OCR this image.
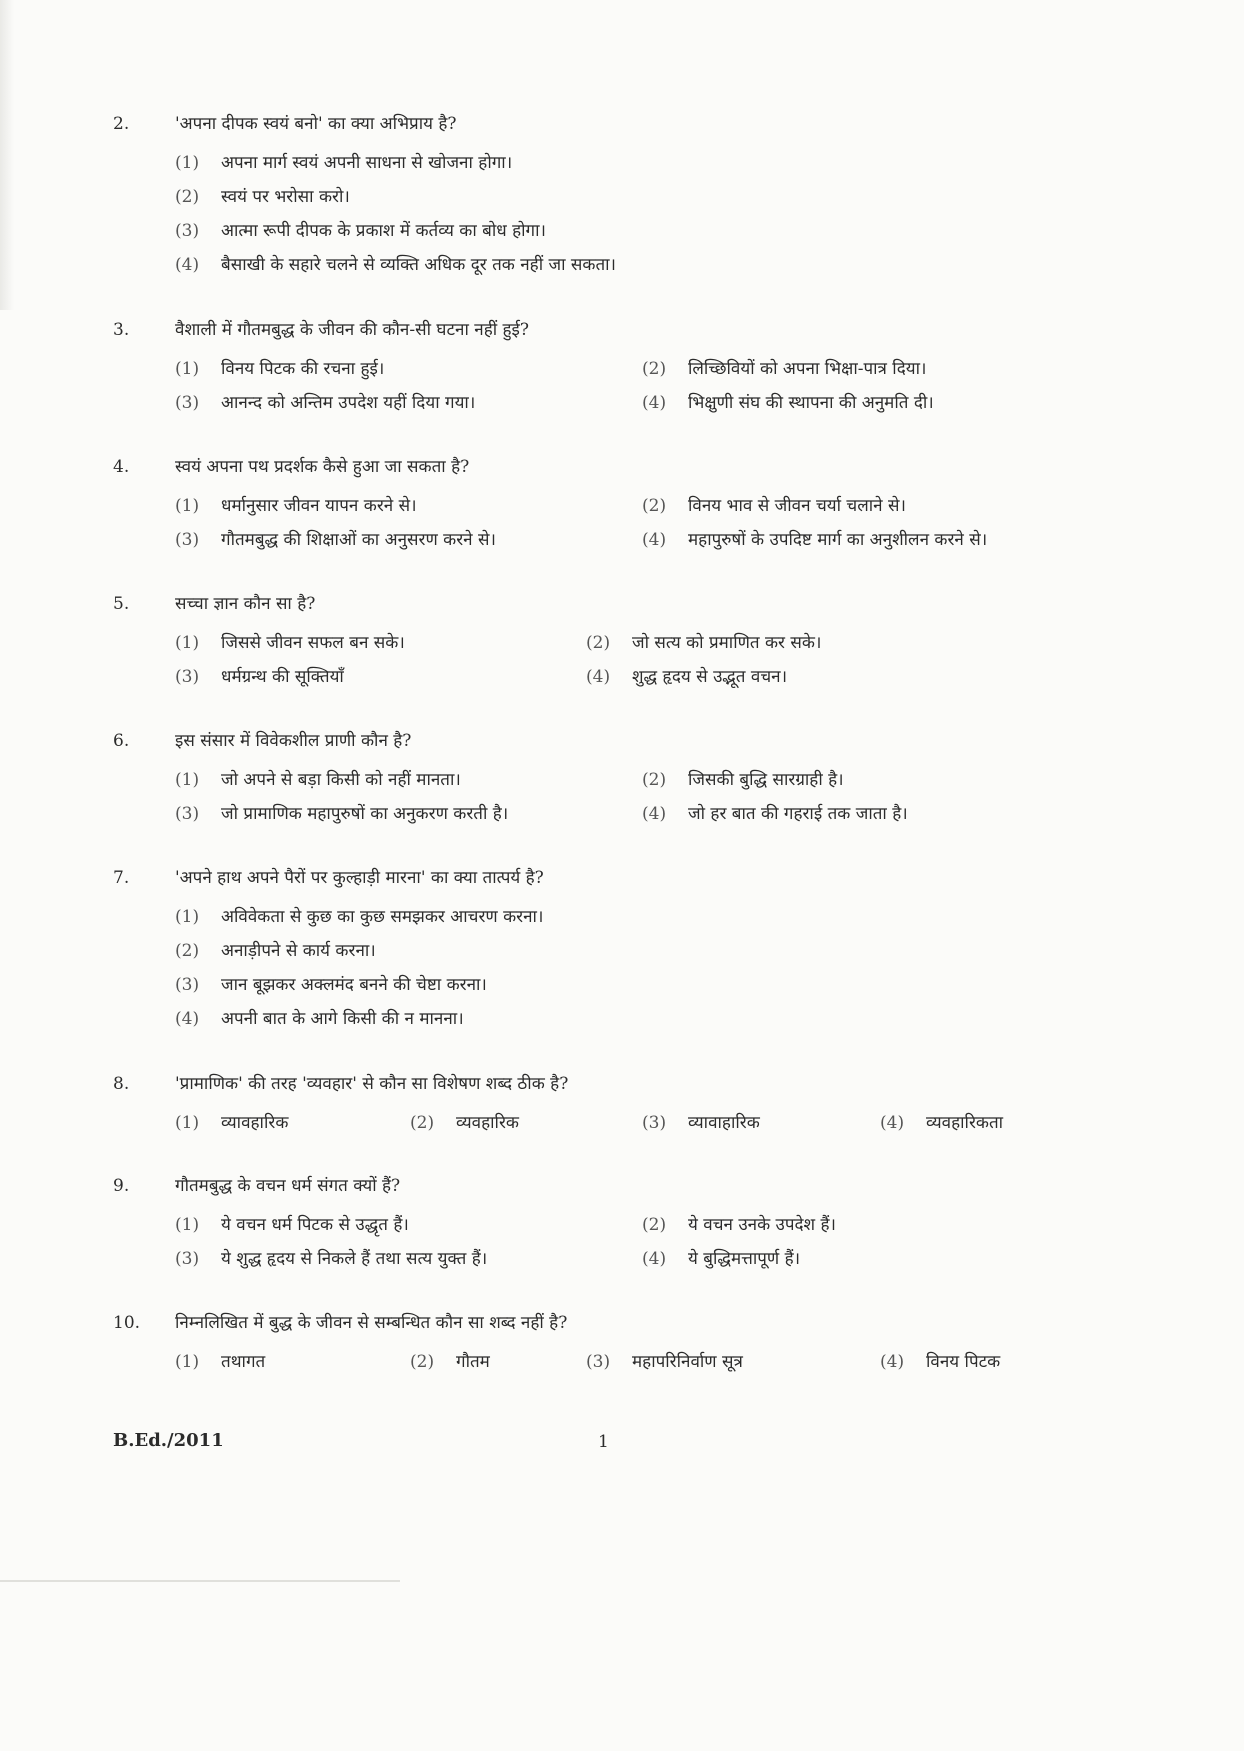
2.	'अपना दीपक स्वयं बनो' का क्या अभिप्राय है?
(1) अपना मार्ग स्वयं अपनी साधना से खोजना होगा।
(2) स्वयं पर भरोसा करो।
(3) आत्मा रूपी दीपक के प्रकाश में कर्तव्य का बोध होगा।
(4) बैसाखी के सहारे चलने से व्यक्ति अधिक दूर तक नहीं जा सकता।
3.	वैशाली में गौतमबुद्ध के जीवन की कौन-सी घटना नहीं हुई?
(1) विनय पिटक की रचना हुई।	(2) लिच्छिवियों को अपना भिक्षा-पात्र दिया।
(3) आनन्द को अन्तिम उपदेश यहीं दिया गया।	(4) भिक्षुणी संघ की स्थापना की अनुमति दी।
4.	स्वयं अपना पथ प्रदर्शक कैसे हुआ जा सकता है?
(1) धर्मानुसार जीवन यापन करने से।	(2) विनय भाव से जीवन चर्या चलाने से।
(3) गौतमबुद्ध की शिक्षाओं का अनुसरण करने से।	(4) महापुरुषों के उपदिष्ट मार्ग का अनुशीलन करने से।
5.	सच्चा ज्ञान कौन सा है?
(1) जिससे जीवन सफल बन सके।	(2) जो सत्य को प्रमाणित कर सके।
(3) धर्मग्रन्थ की सूक्तियाँ	(4) शुद्ध हृदय से उद्भूत वचन।
6.	इस संसार में विवेकशील प्राणी कौन है?
(1) जो अपने से बड़ा किसी को नहीं मानता।	(2) जिसकी बुद्धि सारग्राही है।
(3) जो प्रामाणिक महापुरुषों का अनुकरण करती है।	(4) जो हर बात की गहराई तक जाता है।
7.	'अपने हाथ अपने पैरों पर कुल्हाड़ी मारना' का क्या तात्पर्य है?
(1) अविवेकता से कुछ का कुछ समझकर आचरण करना।
(2) अनाड़ीपने से कार्य करना।
(3) जान बूझकर अक्लमंद बनने की चेष्टा करना।
(4) अपनी बात के आगे किसी की न मानना।
8.	'प्रामाणिक' की तरह 'व्यवहार' से कौन सा विशेषण शब्द ठीक है?
(1) व्यावहारिक	(2) व्यवहारिक	(3) व्यावाहारिक	(4) व्यवहारिकता
9.	गौतमबुद्ध के वचन धर्म संगत क्यों हैं?
(1) ये वचन धर्म पिटक से उद्धृत हैं।	(2) ये वचन उनके उपदेश हैं।
(3) ये शुद्ध हृदय से निकले हैं तथा सत्य युक्त हैं।	(4) ये बुद्धिमत्तापूर्ण हैं।
10. निम्नलिखित में बुद्ध के जीवन से सम्बन्धित कौन सा शब्द नहीं है?
(1) तथागत	(2) गौतम	(3) महापरिनिर्वाण सूत्र	(4) विनय पिटक
B.Ed./2011	1
